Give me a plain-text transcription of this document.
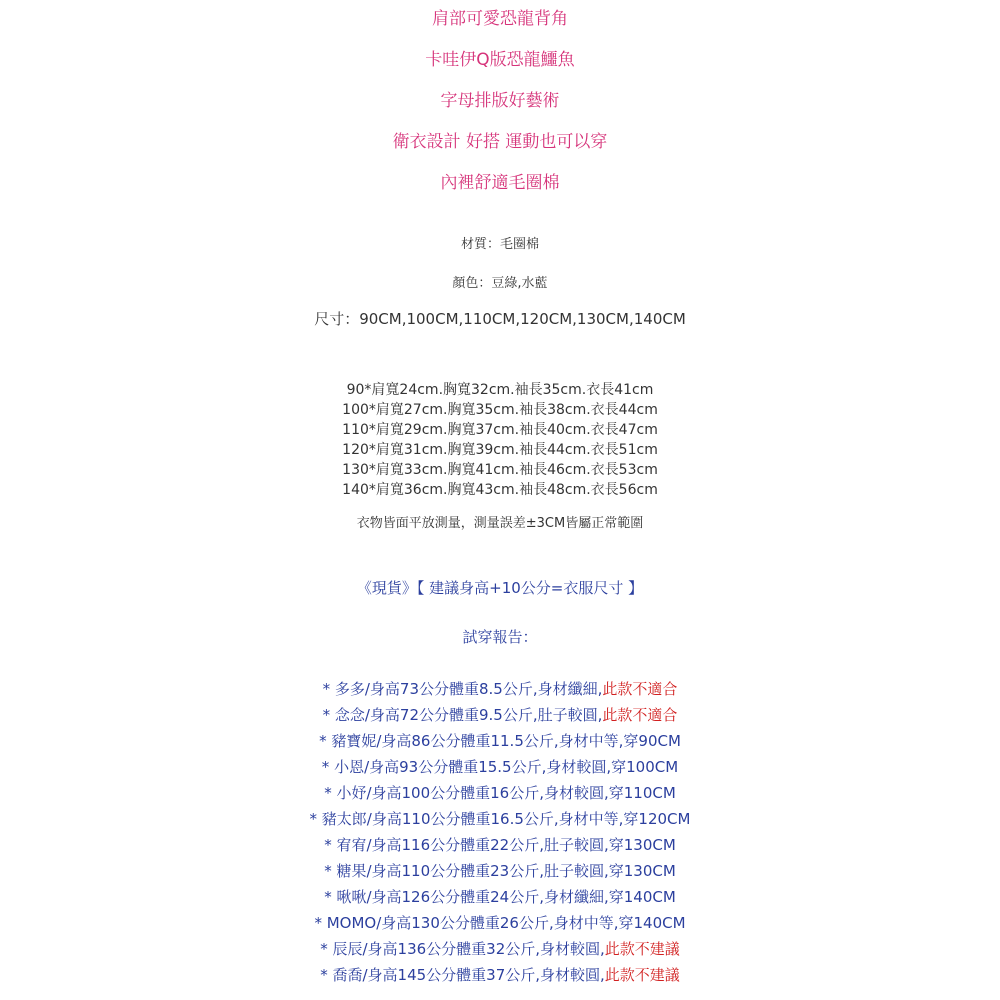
肩部可愛恐龍背角
卡哇伊Q版恐龍鱷魚
字母排版好藝術
衛衣設計 好搭 運動也可以穿
內裡舒適毛圈棉
材質：毛圈棉
顏色：豆綠,水藍
尺寸：90CM,100CM,110CM,120CM,130CM,140CM
90*肩寬24cm.胸寬32cm.袖長35cm.衣長41cm
100*肩寬27cm.胸寬35cm.袖長38cm.衣長44cm
110*肩寬29cm.胸寬37cm.袖長40cm.衣長47cm
120*肩寬31cm.胸寬39cm.袖長44cm.衣長51cm
130*肩寬33cm.胸寬41cm.袖長46cm.衣長53cm
140*肩寬36cm.胸寬43cm.袖長48cm.衣長56cm
衣物皆面平放測量，測量誤差±3CM皆屬正常範圍
《現貨》【 建議身高+10公分=衣服尺寸 】
試穿報告：
* 多多/身高73公分體重8.5公斤,身材纖細,此款不適合
* 念念/身高72公分體重9.5公斤,肚子較圓,此款不適合
* 豬寶妮/身高86公分體重11.5公斤,身材中等,穿90CM
* 小恩/身高93公分體重15.5公斤,身材較圓,穿100CM
* 小妤/身高100公分體重16公斤,身材較圓,穿110CM
* 豬太郎/身高110公分體重16.5公斤,身材中等,穿120CM
* 宥宥/身高116公分體重22公斤,肚子較圓,穿130CM
* 糖果/身高110公分體重23公斤,肚子較圓,穿130CM
* 啾啾/身高126公分體重24公斤,身材纖細,穿140CM
* MOMO/身高130公分體重26公斤,身材中等,穿140CM
* 辰辰/身高136公分體重32公斤,身材較圓,此款不建議
* 喬喬/身高145公分體重37公斤,身材較圓,此款不建議
